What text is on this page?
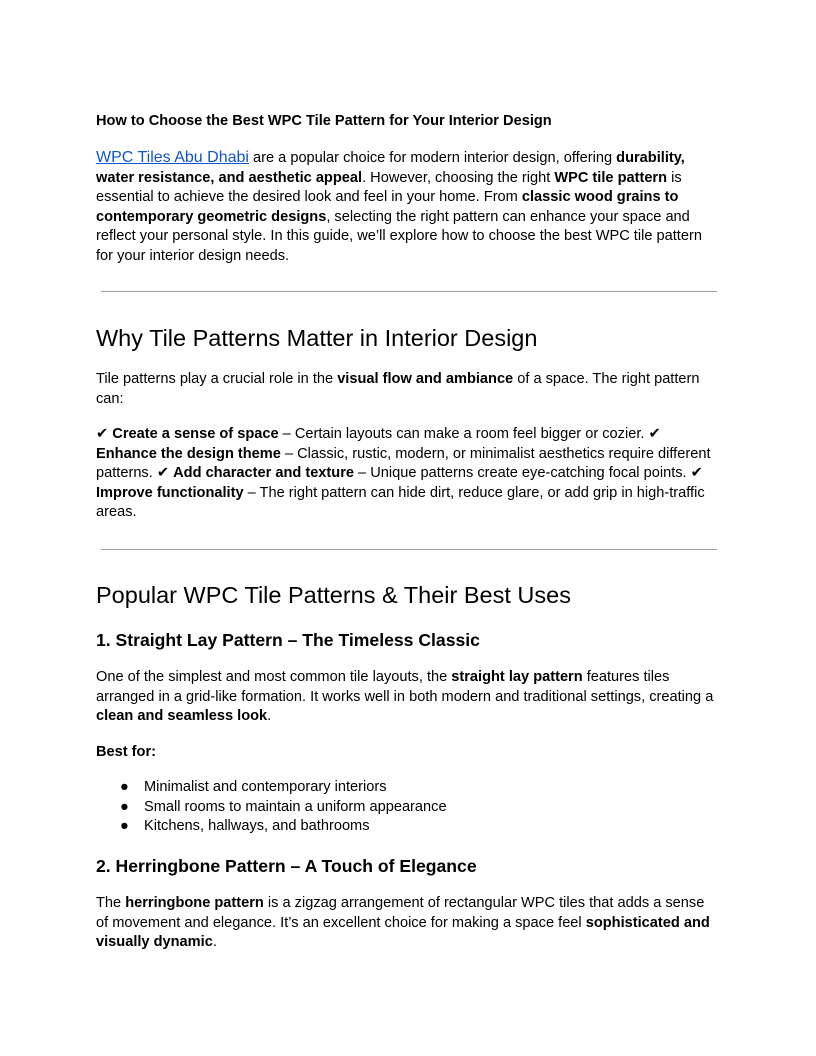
How to Choose the Best WPC Tile Pattern for Your Interior Design

WPC Tiles Abu Dhabi are a popular choice for modern interior design, offering durability, water resistance, and aesthetic appeal. However, choosing the right WPC tile pattern is essential to achieve the desired look and feel in your home. From classic wood grains to contemporary geometric designs, selecting the right pattern can enhance your space and reflect your personal style. In this guide, we’ll explore how to choose the best WPC tile pattern for your interior design needs.

Why Tile Patterns Matter in Interior Design

Tile patterns play a crucial role in the visual flow and ambiance of a space. The right pattern can:

✔ Create a sense of space – Certain layouts can make a room feel bigger or cozier. ✔ Enhance the design theme – Classic, rustic, modern, or minimalist aesthetics require different patterns. ✔ Add character and texture – Unique patterns create eye-catching focal points. ✔ Improve functionality – The right pattern can hide dirt, reduce glare, or add grip in high-traffic areas.

Popular WPC Tile Patterns & Their Best Uses
1. Straight Lay Pattern – The Timeless Classic

One of the simplest and most common tile layouts, the straight lay pattern features tiles arranged in a grid-like formation. It works well in both modern and traditional settings, creating a clean and seamless look.

Best for:

● Minimalist and contemporary interiors
● Small rooms to maintain a uniform appearance
● Kitchens, hallways, and bathrooms
2. Herringbone Pattern – A Touch of Elegance

The herringbone pattern is a zigzag arrangement of rectangular WPC tiles that adds a sense of movement and elegance. It’s an excellent choice for making a space feel sophisticated and visually dynamic.
